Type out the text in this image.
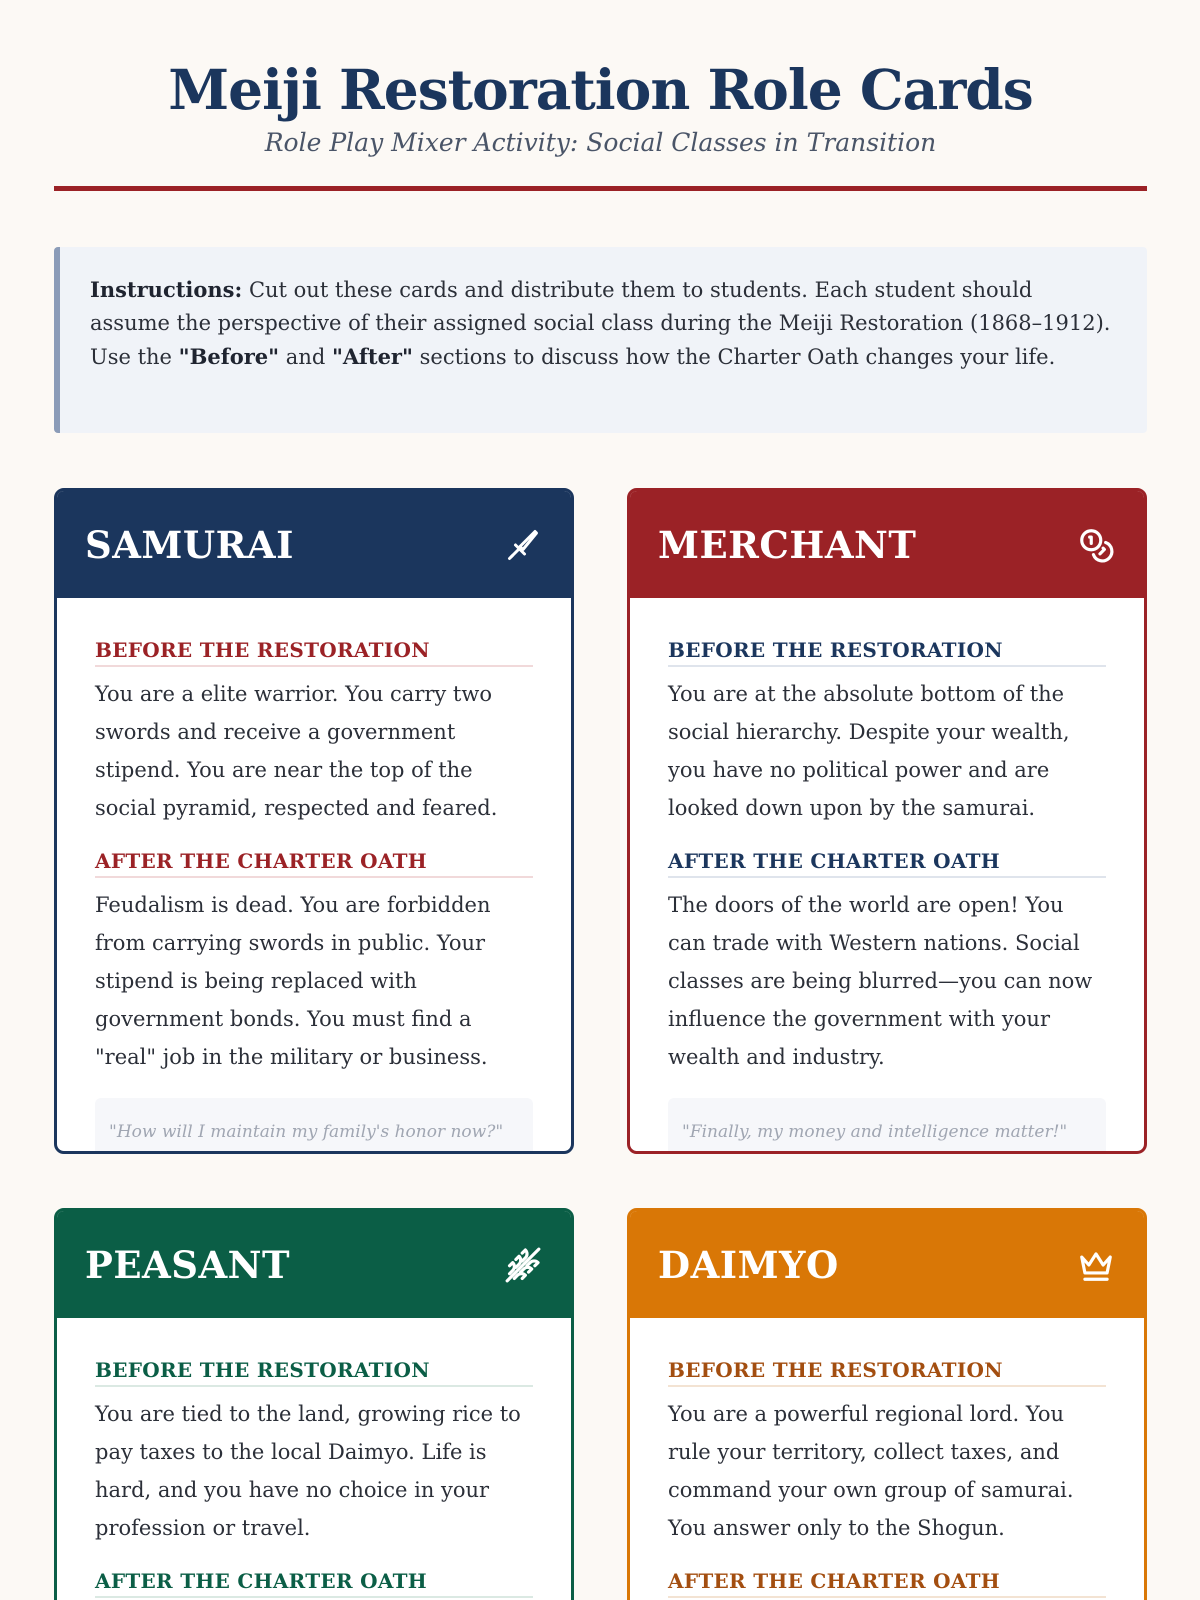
Meiji Restoration Role Cards
Role Play Mixer Activity: Social Classes in Transition
Instructions: Cut out these cards and distribute them to students. Each student should assume the perspective of their assigned social class during the Meiji Restoration (1868–1912). Use the "Before" and "After" sections to discuss how the Charter Oath changes your life.
SAMURAI
BEFORE THE RESTORATION
You are a elite warrior. You carry two swords and receive a government stipend. You are near the top of the social pyramid, respected and feared.
AFTER THE CHARTER OATH
Feudalism is dead. You are forbidden from carrying swords in public. Your stipend is being replaced with government bonds. You must find a "real" job in the military or business.
"How will I maintain my family's honor now?"
MERCHANT
BEFORE THE RESTORATION
You are at the absolute bottom of the social hierarchy. Despite your wealth, you have no political power and are looked down upon by the samurai.
AFTER THE CHARTER OATH
The doors of the world are open! You can trade with Western nations. Social classes are being blurred—you can now influence the government with your wealth and industry.
"Finally, my money and intelligence matter!"
PEASANT
BEFORE THE RESTORATION
You are tied to the land, growing rice to pay taxes to the local Daimyo. Life is hard, and you have no choice in your profession or travel.
AFTER THE CHARTER OATH
DAIMYO
BEFORE THE RESTORATION
You are a powerful regional lord. You rule your territory, collect taxes, and command your own group of samurai. You answer only to the Shogun.
AFTER THE CHARTER OATH
